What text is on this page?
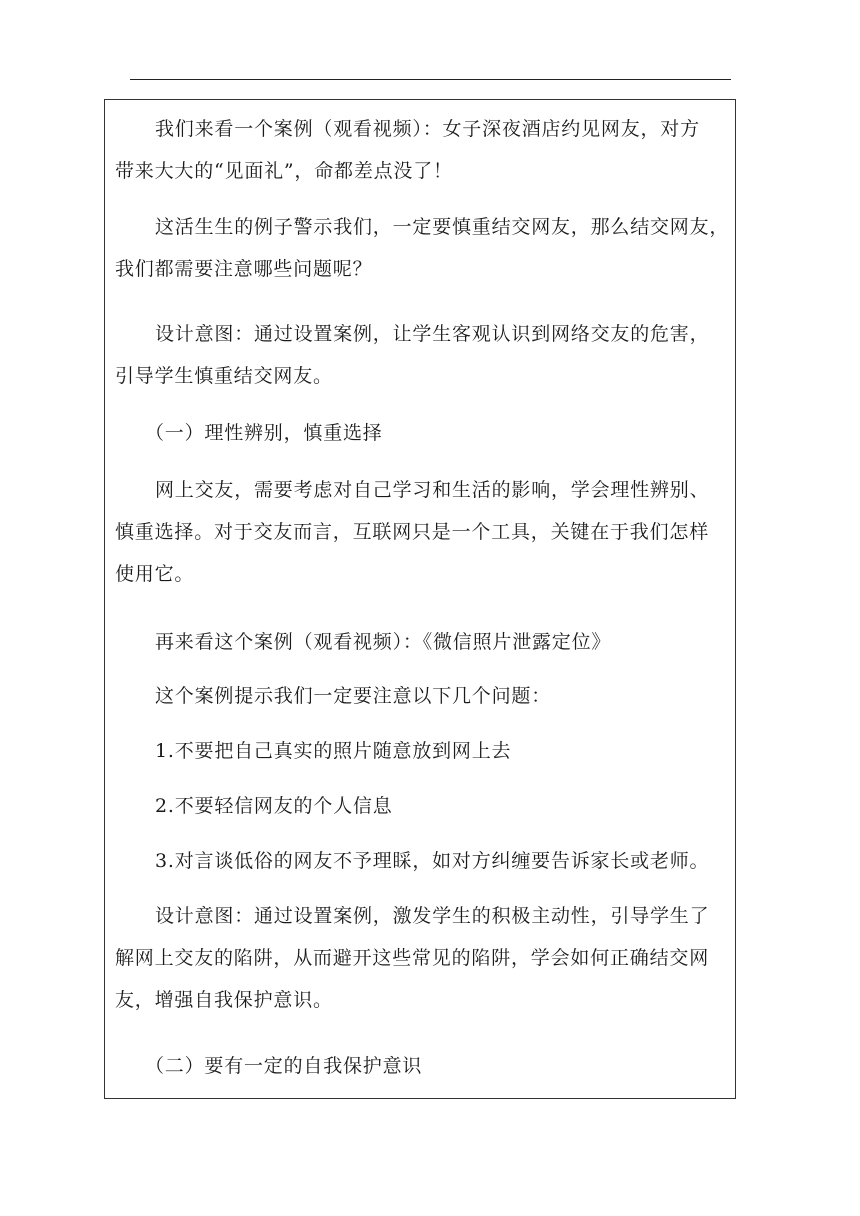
我们来看一个案例（观看视频）：女子深夜酒店约见网友，对方
带来大大的“见面礼”，命都差点没了！
这活生生的例子警示我们，一定要慎重结交网友，那么结交网友，
我们都需要注意哪些问题呢？
设计意图：通过设置案例，让学生客观认识到网络交友的危害，
引导学生慎重结交网友。
（一）理性辨别，慎重选择
网上交友，需要考虑对自己学习和生活的影响，学会理性辨别、
慎重选择。对于交友而言，互联网只是一个工具，关键在于我们怎样
使用它。
再来看这个案例（观看视频）：《微信照片泄露定位》
这个案例提示我们一定要注意以下几个问题：
1.不要把自己真实的照片随意放到网上去
2.不要轻信网友的个人信息
3.对言谈低俗的网友不予理睬，如对方纠缠要告诉家长或老师。
设计意图：通过设置案例，激发学生的积极主动性，引导学生了
解网上交友的陷阱，从而避开这些常见的陷阱，学会如何正确结交网
友，增强自我保护意识。
（二）要有一定的自我保护意识
